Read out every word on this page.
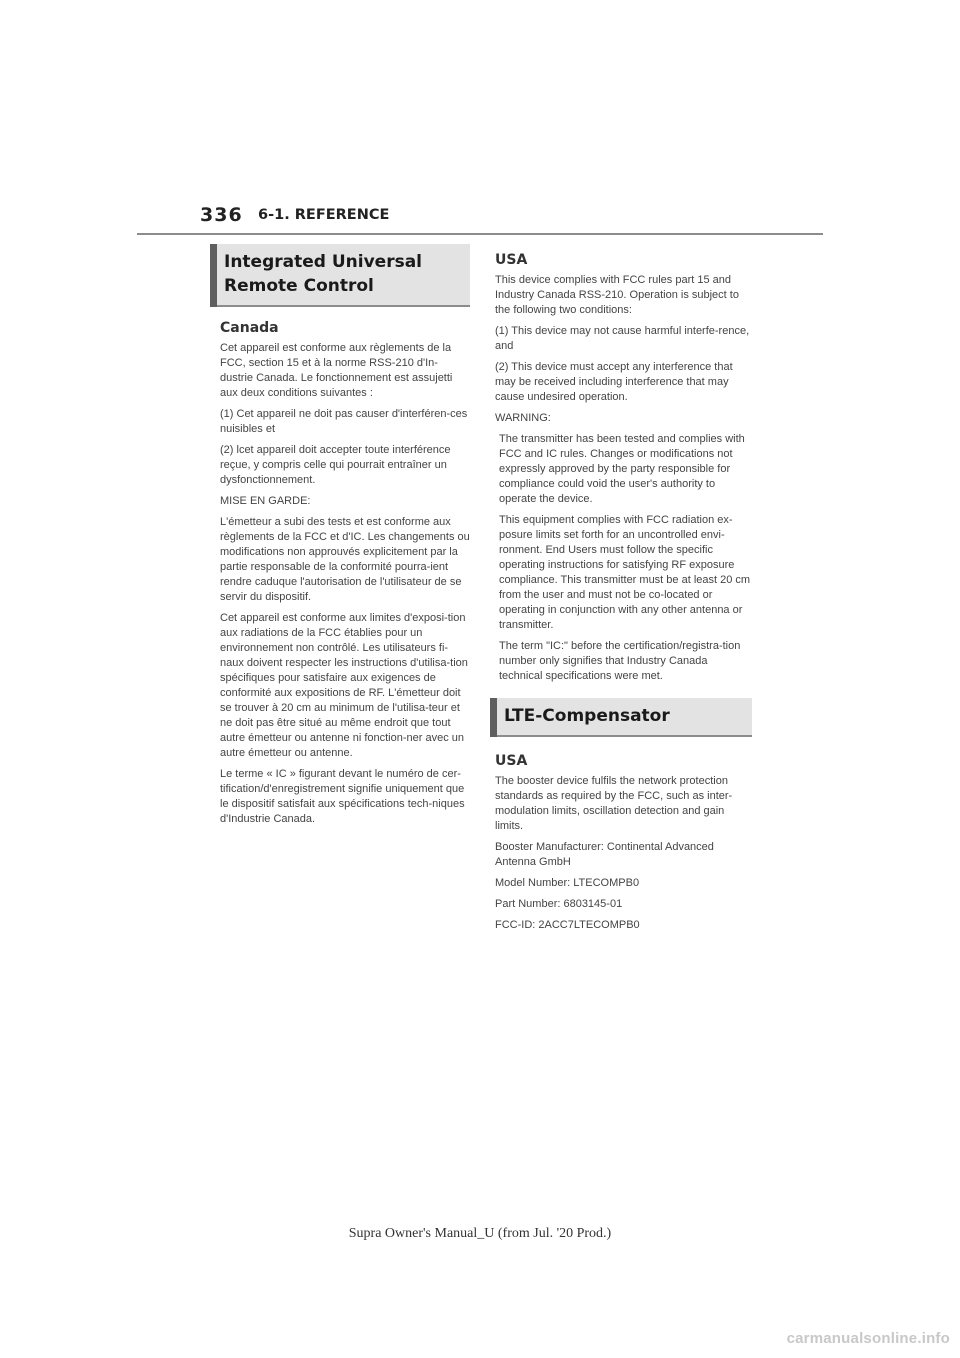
336 6-1. REFERENCE
Integrated Universal
Remote Control

Canada

Cet appareil est conforme aux règlements de la FCC, section 15 et à la norme RSS-210 d'In-dustrie Canada. Le fonctionnement est assujetti aux deux conditions suivantes :

(1) Cet appareil ne doit pas causer d'interféren-ces nuisibles et

(2) lcet appareil doit accepter toute interférence reçue, y compris celle qui pourrait entraîner un dysfonctionnement.

MISE EN GARDE:

L'émetteur a subi des tests et est conforme aux règlements de la FCC et d'IC. Les changements ou modifications non approuvés explicitement par la partie responsable de la conformité pourra-ient rendre caduque l'autorisation de l'utilisateur de se servir du dispositif.

Cet appareil est conforme aux limites d'exposi-tion aux radiations de la FCC établies pour un environnement non contrôlé. Les utilisateurs fi-naux doivent respecter les instructions d'utilisa-tion spécifiques pour satisfaire aux exigences de conformité aux expositions de RF. L'émetteur doit se trouver à 20 cm au minimum de l'utilisa-teur et ne doit pas être situé au même endroit que tout autre émetteur ou antenne ni fonction-ner avec un autre émetteur ou antenne.

Le terme « IC » figurant devant le numéro de cer-tification/d'enregistrement signifie uniquement que le dispositif satisfait aux spécifications tech-niques d'Industrie Canada.

USA

This device complies with FCC rules part 15 and Industry Canada RSS-210. Operation is subject to the following two conditions:

(1) This device may not cause harmful interfe-rence, and

(2) This device must accept any interference that may be received including interference that may cause undesired operation.

WARNING:

The transmitter has been tested and complies with FCC and IC rules. Changes or modifications not expressly approved by the party responsible for compliance could void the user's authority to operate the device.

This equipment complies with FCC radiation ex-posure limits set forth for an uncontrolled envi-ronment. End Users must follow the specific operating instructions for satisfying RF exposure compliance. This transmitter must be at least 20 cm from the user and must not be co-located or operating in conjunction with any other antenna or transmitter.

The term "IC:" before the certification/registra-tion number only signifies that Industry Canada technical specifications were met.

LTE-Compensator

USA

The booster device fulfils the network protection standards as required by the FCC, such as inter-modulation limits, oscillation detection and gain limits.

Booster Manufacturer: Continental Advanced Antenna GmbH

Model Number: LTECOMPB0

Part Number: 6803145-01

FCC-ID: 2ACC7LTECOMPB0

Supra Owner's Manual_U (from Jul. '20 Prod.)
carmanualsonline.info
